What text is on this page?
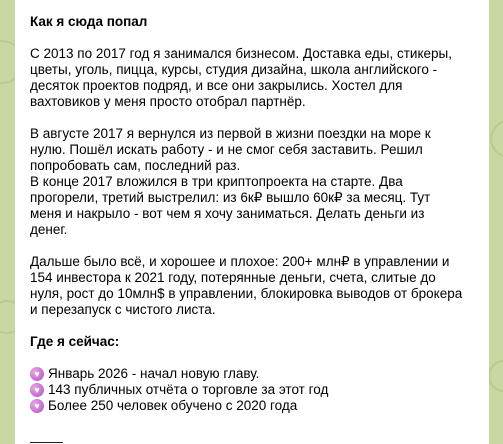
Как я сюда попал
С 2013 по 2017 год я занимался бизнесом. Доставка еды, стикеры,
цветы, уголь, пицца, курсы, студия дизайна, школа английского -
десяток проектов подряд, и все они закрылись. Хостел для
вахтовиков у меня просто отобрал партнёр.
В августе 2017 я вернулся из первой в жизни поездки на море к
нулю. Пошёл искать работу - и не смог себя заставить. Решил
попробовать сам, последний раз.
В конце 2017 вложился в три криптопроекта на старте. Два
прогорели, третий выстрелил: из 6к₽ вышло 60к₽ за месяц. Тут
меня и накрыло - вот чем я хочу заниматься. Делать деньги из
денег.
Дальше было всё, и хорошее и плохое: 200+ млн₽ в управлении и
154 инвестора к 2021 году, потерянные деньги, счета, слитые до
нуля, рост до 10млн$ в управлении, блокировка выводов от брокера
и перезапуск с чистого листа.
Где я сейчас:
♥
Январь 2026 - начал новую главу.
♥
143 публичных отчёта о торговле за этот год
♥
Более 250 человек обучено с 2020 года
